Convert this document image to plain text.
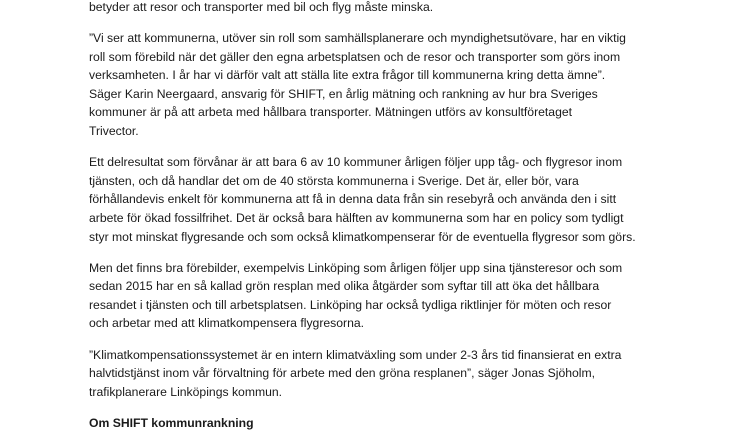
betyder att resor och transporter med bil och flyg måste minska.

”Vi ser att kommunerna, utöver sin roll som samhällsplanerare och myndighetsutövare, har en viktig
roll som förebild när det gäller den egna arbetsplatsen och de resor och transporter som görs inom
verksamheten. I år har vi därför valt att ställa lite extra frågor till kommunerna kring detta ämne”.
Säger Karin Neergaard, ansvarig för SHIFT, en årlig mätning och rankning av hur bra Sveriges
kommuner är på att arbeta med hållbara transporter. Mätningen utförs av konsultföretaget
Trivector.

Ett delresultat som förvånar är att bara 6 av 10 kommuner årligen följer upp tåg- och flygresor inom
tjänsten, och då handlar det om de 40 största kommunerna i Sverige. Det är, eller bör, vara
förhållandevis enkelt för kommunerna att få in denna data från sin resebyrå och använda den i sitt
arbete för ökad fossilfrihet. Det är också bara hälften av kommunerna som har en policy som tydligt
styr mot minskat flygresande och som också klimatkompenserar för de eventuella flygresor som görs.

Men det finns bra förebilder, exempelvis Linköping som årligen följer upp sina tjänsteresor och som
sedan 2015 har en så kallad grön resplan med olika åtgärder som syftar till att öka det hållbara
resandet i tjänsten och till arbetsplatsen. Linköping har också tydliga riktlinjer för möten och resor
och arbetar med att klimatkompensera flygresorna.

”Klimatkompensationssystemet är en intern klimatväxling som under 2-3 års tid finansierat en extra
halvtidstjänst inom vår förvaltning för arbete med den gröna resplanen”, säger Jonas Sjöholm,
trafikplanerare Linköpings kommun.

Om SHIFT kommunrankning
